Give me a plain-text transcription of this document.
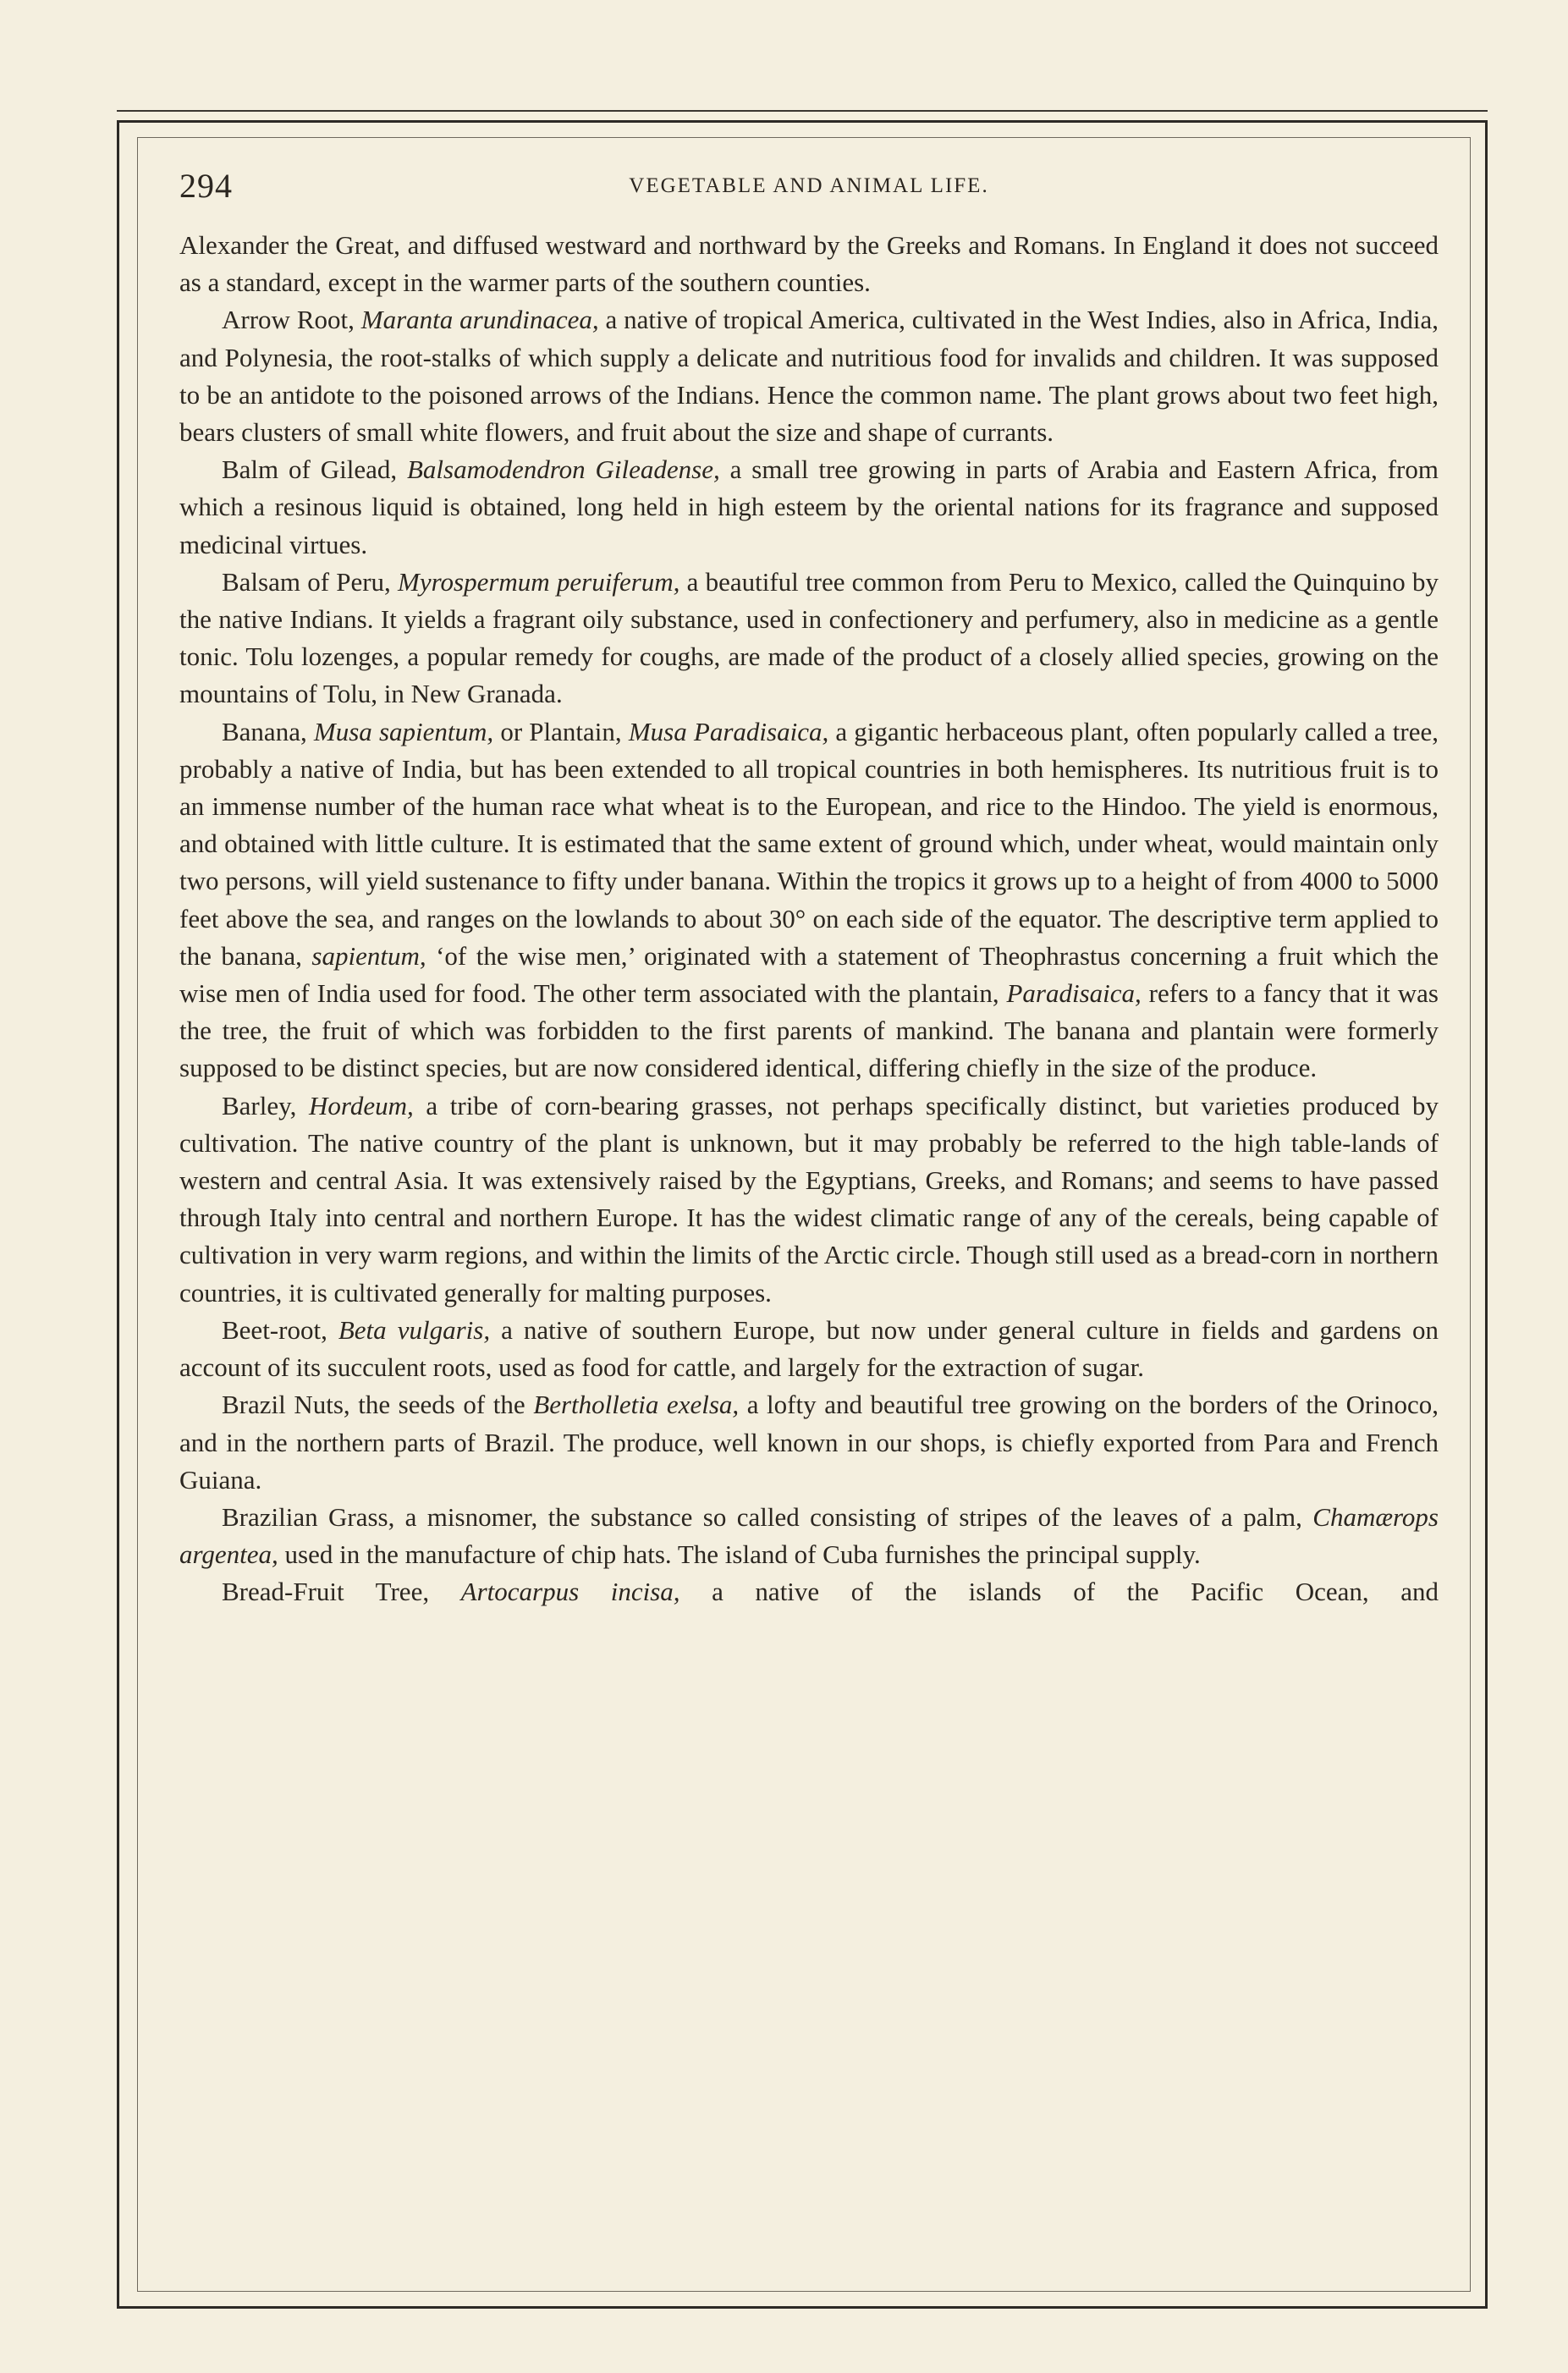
294	VEGETABLE AND ANIMAL LIFE.

Alexander the Great, and diffused westward and northward by the Greeks and Romans. In England it does not succeed as a standard, except in the warmer parts of the southern counties.

Arrow Root, Maranta arundinacea, a native of tropical America, cultivated in the West Indies, also in Africa, India, and Polynesia, the root-stalks of which supply a delicate and nutritious food for invalids and children. It was supposed to be an antidote to the poisoned arrows of the Indians. Hence the common name. The plant grows about two feet high, bears clusters of small white flowers, and fruit about the size and shape of currants.

Balm of Gilead, Balsamodendron Gileadense, a small tree growing in parts of Arabia and Eastern Africa, from which a resinous liquid is obtained, long held in high esteem by the oriental nations for its fragrance and supposed medicinal virtues.

Balsam of Peru, Myrospermum peruiferum, a beautiful tree common from Peru to Mexico, called the Quinquino by the native Indians. It yields a fragrant oily substance, used in confectionery and perfumery, also in medicine as a gentle tonic. Tolu lozenges, a popular remedy for coughs, are made of the product of a closely allied species, growing on the mountains of Tolu, in New Granada.

Banana, Musa sapientum, or Plantain, Musa Paradisaica, a gigantic herbaceous plant, often popularly called a tree, probably a native of India, but has been extended to all tropical countries in both hemispheres. Its nutritious fruit is to an immense number of the human race what wheat is to the European, and rice to the Hindoo. The yield is enormous, and obtained with little culture. It is estimated that the same extent of ground which, under wheat, would maintain only two persons, will yield sustenance to fifty under banana. Within the tropics it grows up to a height of from 4000 to 5000 feet above the sea, and ranges on the lowlands to about 30° on each side of the equator. The descriptive term applied to the banana, sapientum, ‘of the wise men,’ originated with a statement of Theophrastus concerning a fruit which the wise men of India used for food. The other term associated with the plantain, Paradisaica, refers to a fancy that it was the tree, the fruit of which was forbidden to the first parents of mankind. The banana and plantain were formerly supposed to be distinct species, but are now considered identical, differing chiefly in the size of the produce.

Barley, Hordeum, a tribe of corn-bearing grasses, not perhaps specifically distinct, but varieties produced by cultivation. The native country of the plant is unknown, but it may probably be referred to the high table-lands of western and central Asia. It was extensively raised by the Egyptians, Greeks, and Romans; and seems to have passed through Italy into central and northern Europe. It has the widest climatic range of any of the cereals, being capable of cultivation in very warm regions, and within the limits of the Arctic circle. Though still used as a bread-corn in northern countries, it is cultivated generally for malting purposes.

Beet-root, Beta vulgaris, a native of southern Europe, but now under general culture in fields and gardens on account of its succulent roots, used as food for cattle, and largely for the extraction of sugar.

Brazil Nuts, the seeds of the Bertholletia exelsa, a lofty and beautiful tree growing on the borders of the Orinoco, and in the northern parts of Brazil. The produce, well known in our shops, is chiefly exported from Para and French Guiana.

Brazilian Grass, a misnomer, the substance so called consisting of stripes of the leaves of a palm, Chamærops argentea, used in the manufacture of chip hats. The island of Cuba furnishes the principal supply.

Bread-Fruit Tree, Artocarpus incisa, a native of the islands of the Pacific Ocean, and
